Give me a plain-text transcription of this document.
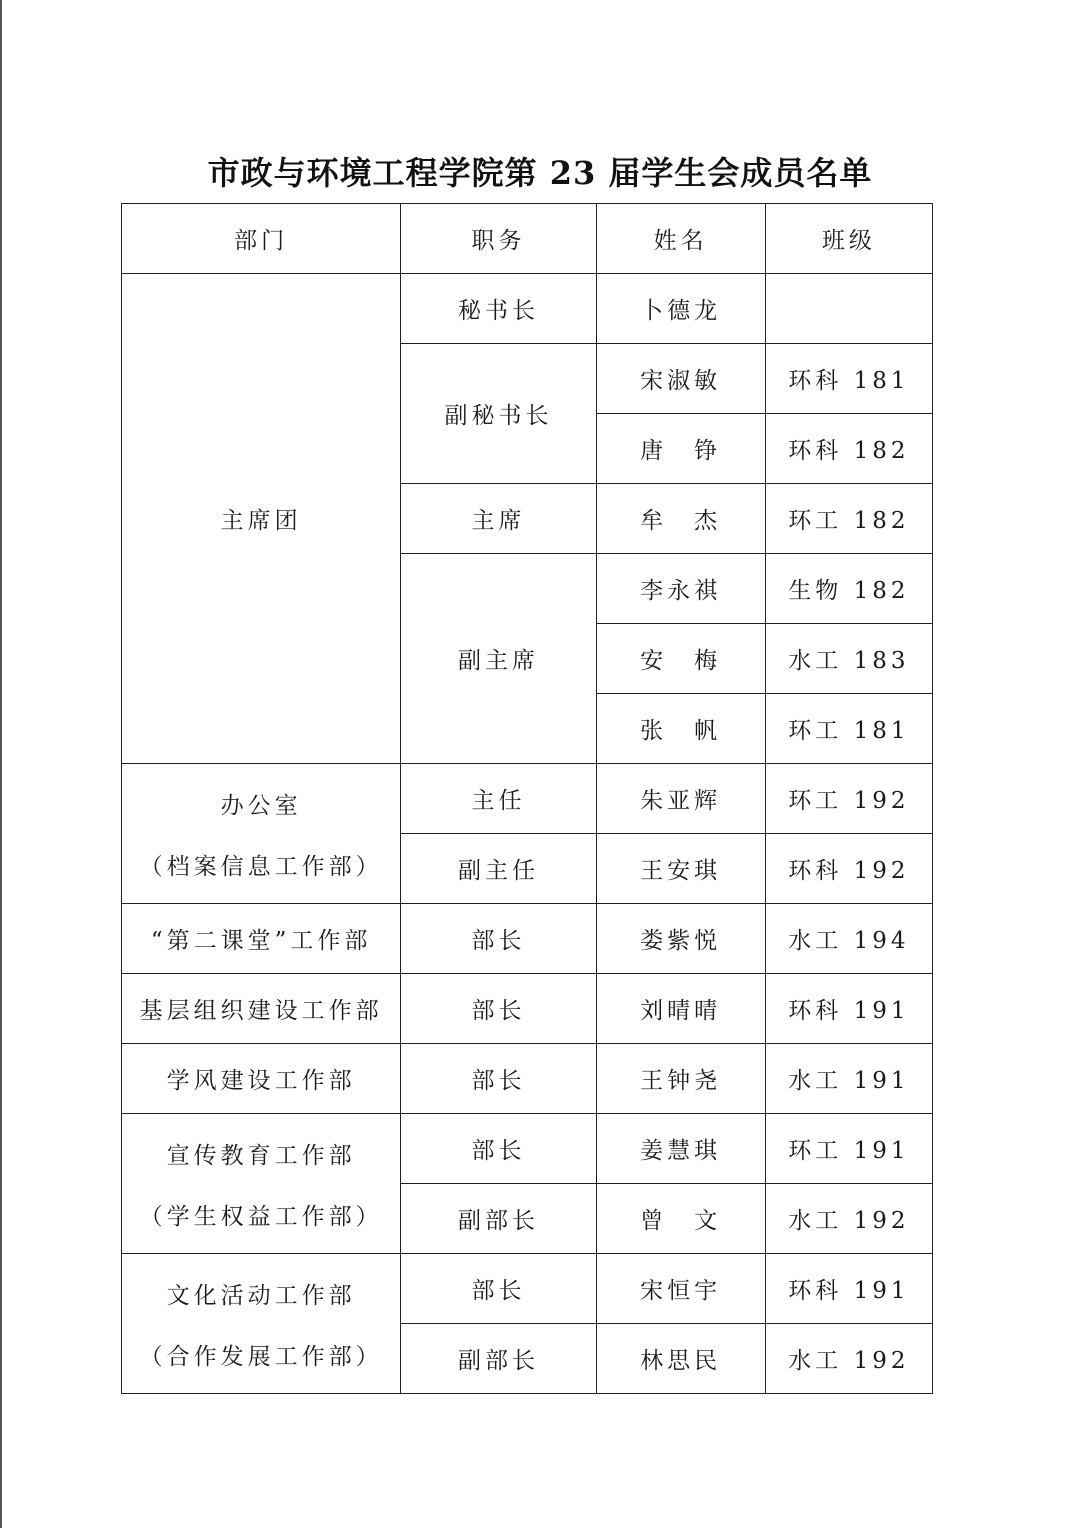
市政与环境工程学院第 23 届学生会成员名单
部门	职务	姓名	班级
主席团	秘书长	卜德龙	
	副秘书长	宋淑敏	环科 181
		唐　铮	环科 182
	主席	牟　杰	环工 182
	副主席	李永祺	生物 182
		安　梅	水工 183
		张　帆	环工 181

办公室
（档案信息工作部）	主任	朱亚辉	环工 192
	副主任	王安琪	环科 192
“第二课堂”工作部	部长	娄紫悦	水工 194
基层组织建设工作部	部长	刘晴晴	环科 191
学风建设工作部	部长	王钟尧	水工 191

宣传教育工作部
（学生权益工作部）	部长	姜慧琪	环工 191
	副部长	曾　文	水工 192

文化活动工作部
（合作发展工作部）	部长	宋恒宇	环科 191
	副部长	林思民	水工 192
